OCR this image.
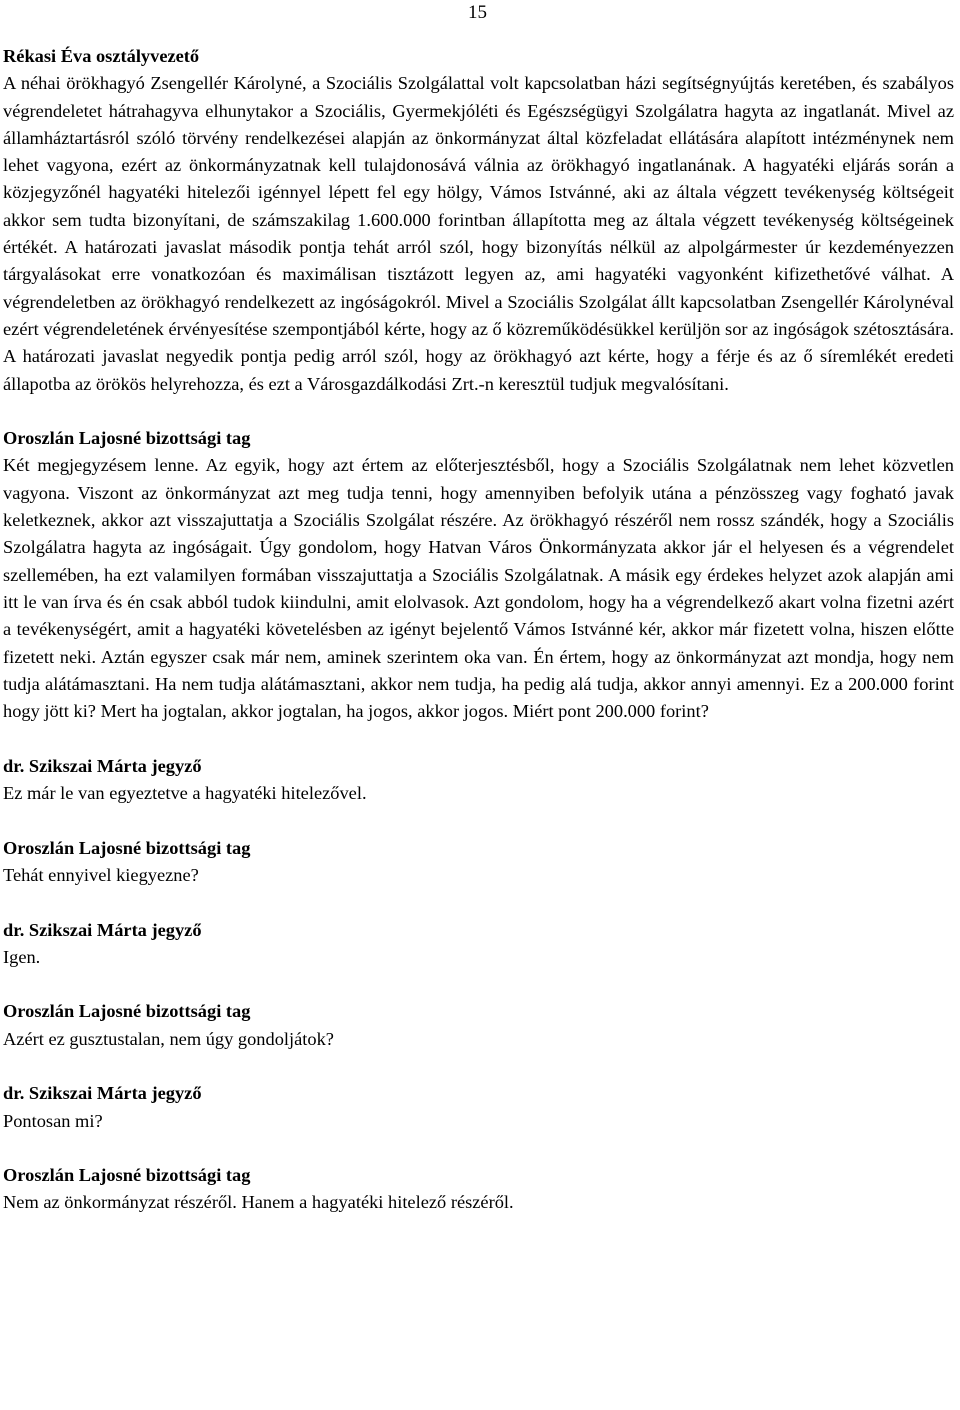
15

Rékasi Éva osztályvezető

A néhai örökhagyó Zsengellér Károlyné, a Szociális Szolgálattal volt kapcsolatban házi segítségnyújtás keretében, és szabályos végrendeletet hátrahagyva elhunytakor a Szociális, Gyermekjóléti és Egészségügyi Szolgálatra hagyta az ingatlanát. Mivel az államháztartásról szóló törvény rendelkezései alapján az önkormányzat által közfeladat ellátására alapított intézménynek nem lehet vagyona, ezért az önkormányzatnak kell tulajdonosává válnia az örökhagyó ingatlanának. A hagyatéki eljárás során a közjegyzőnél hagyatéki hitelezői igénnyel lépett fel egy hölgy, Vámos Istvánné, aki az általa végzett tevékenység költségeit akkor sem tudta bizonyítani, de számszakilag 1.600.000 forintban állapította meg az általa végzett tevékenység költségeinek értékét. A határozati javaslat második pontja tehát arról szól, hogy bizonyítás nélkül az alpolgármester úr kezdeményezzen tárgyalásokat erre vonatkozóan és maximálisan tisztázott legyen az, ami hagyatéki vagyonként kifizethetővé válhat. A végrendeletben az örökhagyó rendelkezett az ingóságokról. Mivel a Szociális Szolgálat állt kapcsolatban Zsengellér Károlynéval ezért végrendeletének érvényesítése szempontjából kérte, hogy az ő közreműködésükkel kerüljön sor az ingóságok szétosztására. A határozati javaslat negyedik pontja pedig arról szól, hogy az örökhagyó azt kérte, hogy a férje és az ő síremlékét eredeti állapotba az örökös helyrehozza, és ezt a Városgazdálkodási Zrt.-n keresztül tudjuk megvalósítani.

Oroszlán Lajosné bizottsági tag

Két megjegyzésem lenne. Az egyik, hogy azt értem az előterjesztésből, hogy a Szociális Szolgálatnak nem lehet közvetlen vagyona. Viszont az önkormányzat azt meg tudja tenni, hogy amennyiben befolyik utána a pénzösszeg vagy fogható javak keletkeznek, akkor azt visszajuttatja a Szociális Szolgálat részére. Az örökhagyó részéről nem rossz szándék, hogy a Szociális Szolgálatra hagyta az ingóságait. Úgy gondolom, hogy Hatvan Város Önkormányzata akkor jár el helyesen és a végrendelet szellemében, ha ezt valamilyen formában visszajuttatja a Szociális Szolgálatnak. A másik egy érdekes helyzet azok alapján ami itt le van írva és én csak abból tudok kiindulni, amit elolvasok. Azt gondolom, hogy ha a végrendelkező akart volna fizetni azért a tevékenységért, amit a hagyatéki követelésben az igényt bejelentő Vámos Istvánné kér, akkor már fizetett volna, hiszen előtte fizetett neki. Aztán egyszer csak már nem, aminek szerintem oka van. Én értem, hogy az önkormányzat azt mondja, hogy nem tudja alátámasztani. Ha nem tudja alátámasztani, akkor nem tudja, ha pedig alá tudja, akkor annyi amennyi. Ez a 200.000 forint hogy jött ki? Mert ha jogtalan, akkor jogtalan, ha jogos, akkor jogos. Miért pont 200.000 forint?

dr. Szikszai Márta jegyző

Ez már le van egyeztetve a hagyatéki hitelezővel.

Oroszlán Lajosné bizottsági tag

Tehát ennyivel kiegyezne?

dr. Szikszai Márta jegyző

Igen.

Oroszlán Lajosné bizottsági tag

Azért ez gusztustalan, nem úgy gondoljátok?

dr. Szikszai Márta jegyző

Pontosan mi?

Oroszlán Lajosné bizottsági tag

Nem az önkormányzat részéről. Hanem a hagyatéki hitelező részéről.
